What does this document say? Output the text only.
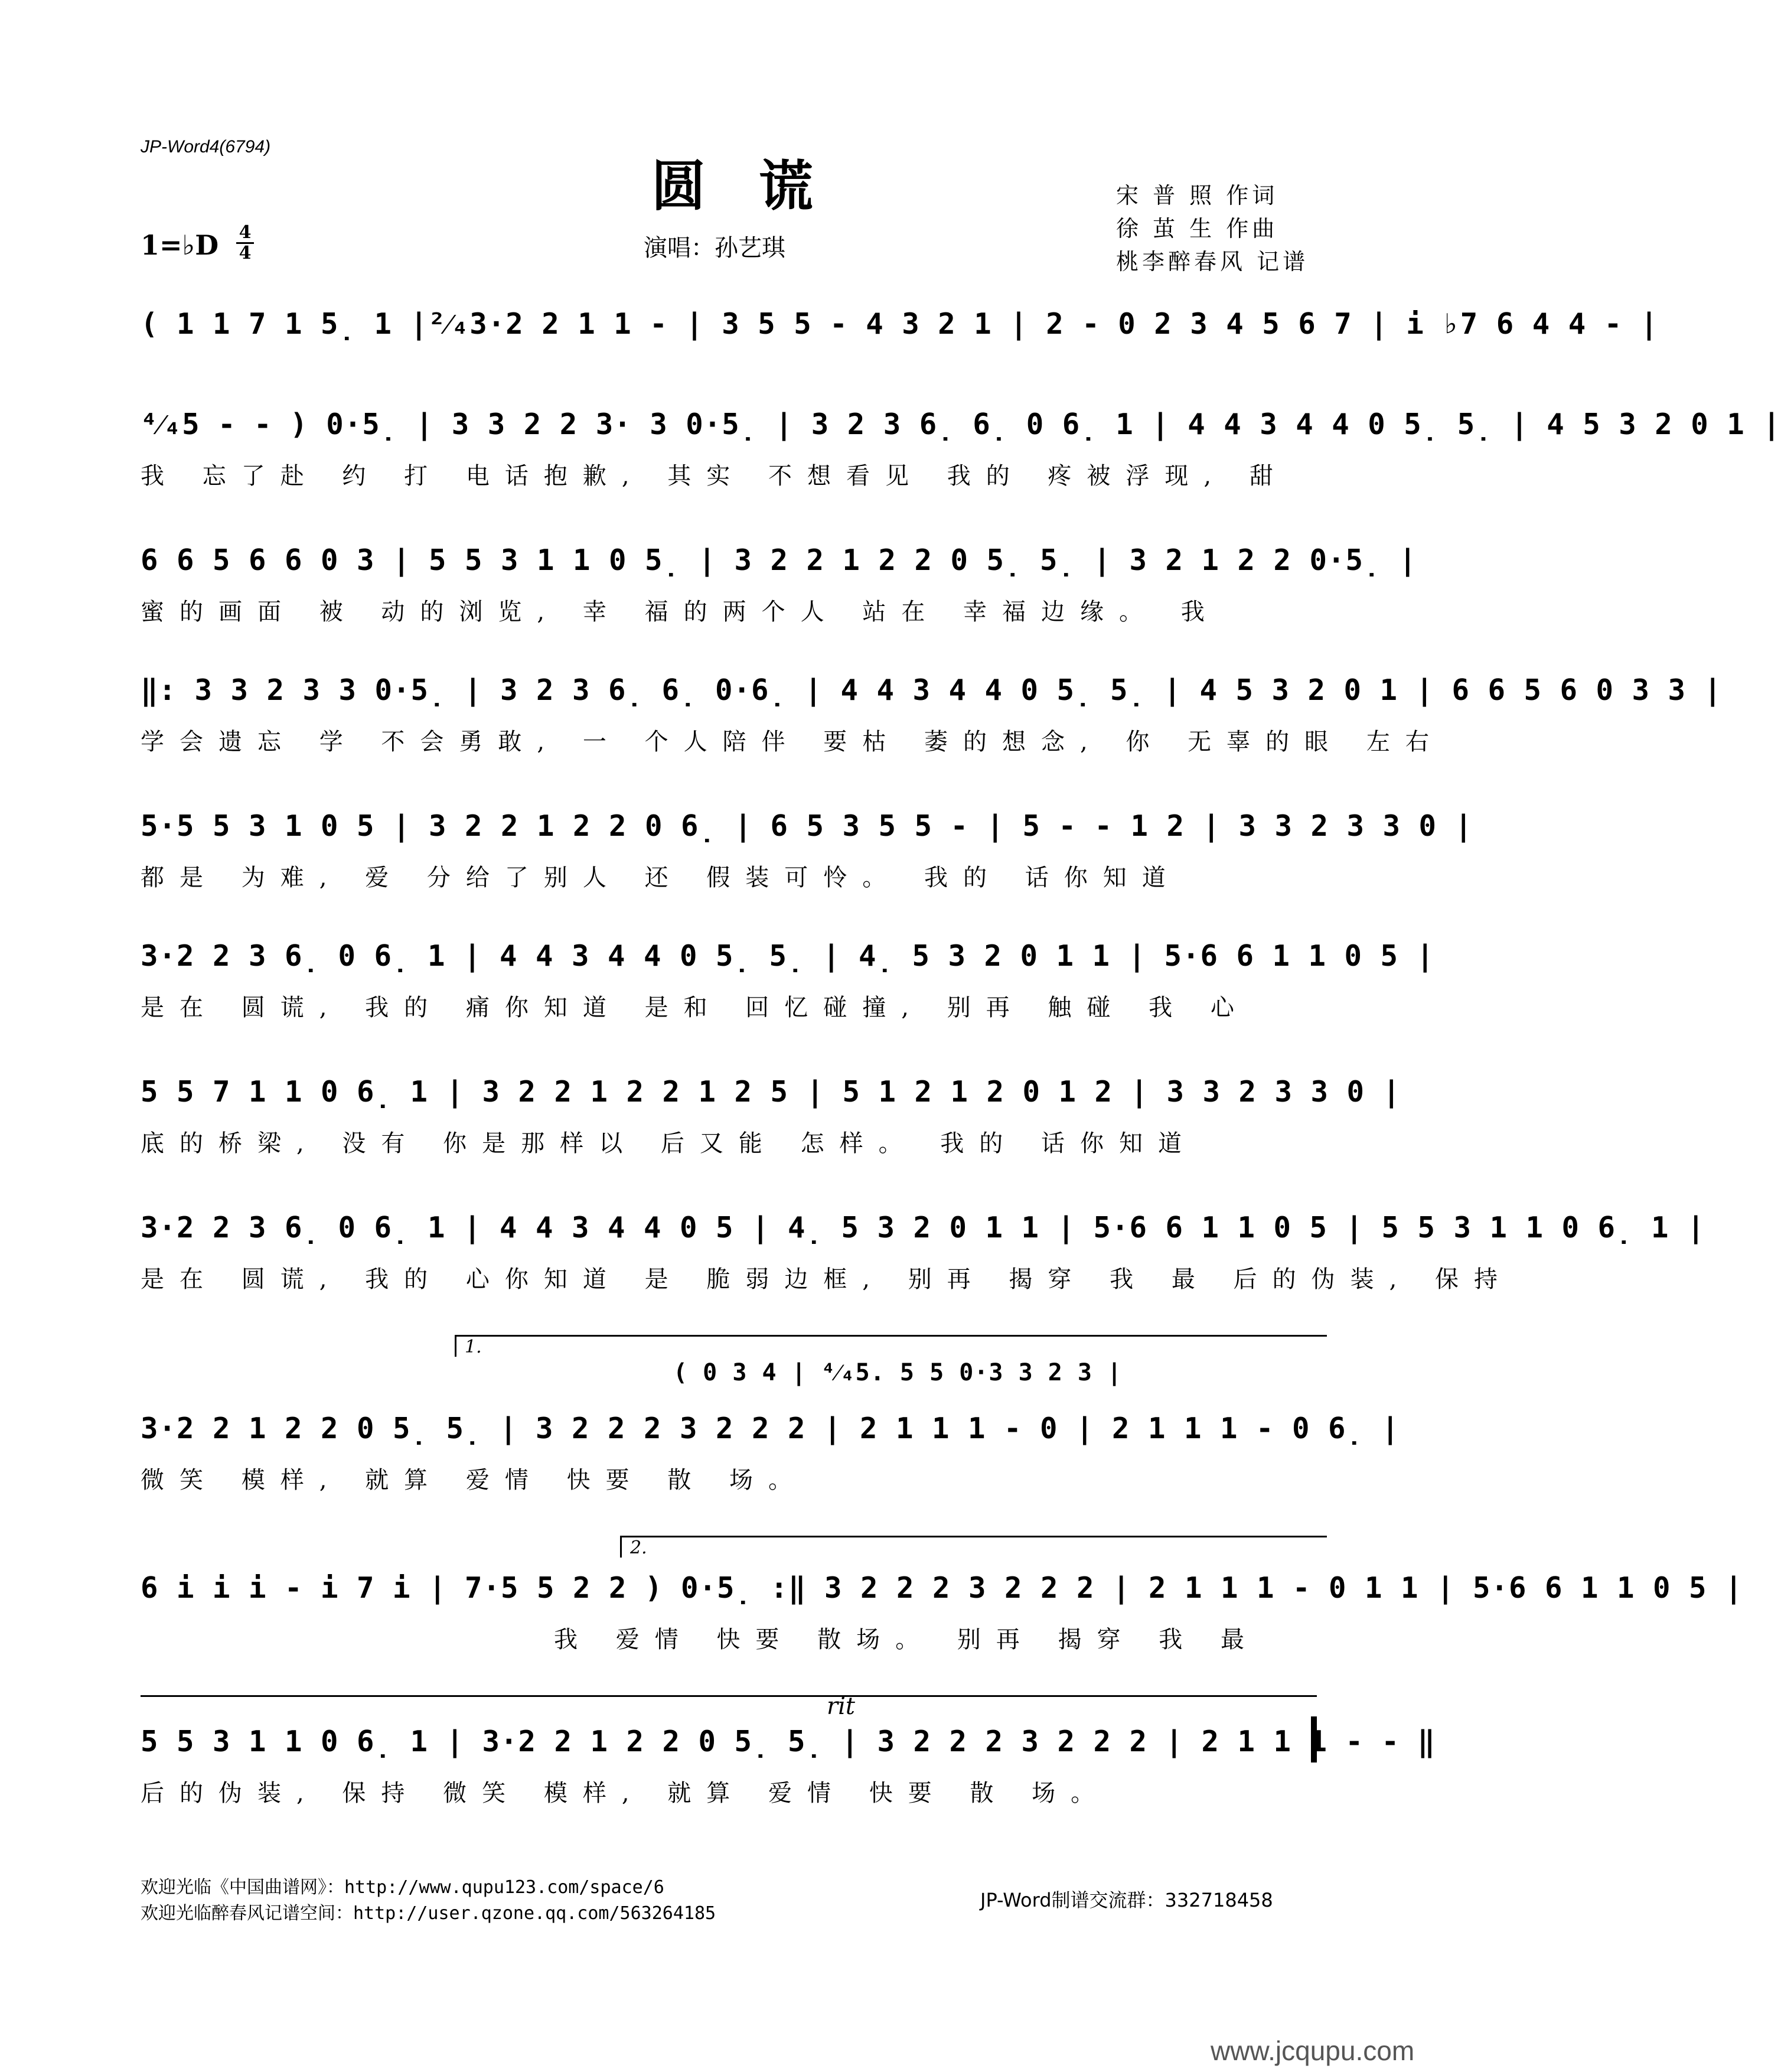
JP-Word4(6794)
圆谎
1=♭D 4
4	演唱：孙艺琪
宋 普 照 作词
徐 茧 生 作曲
桃李醉春风 记谱
( 1 1 7 1 5̣ 1 |²⁄₄3·2 2 1 1 - | 3 5 5 - 4 3 2 1 | 2 - 0 2 3 4 5 6 7 | i ♭7 6 4 4 - |
⁴⁄₄5 - - ) 0·5̣ | 3 3 2 2 3· 3 0·5̣ | 3 2 3 6̣ 6̣ 0 6̣ 1 | 4 4 3 4 4 0 5̣ 5̣ | 4 5 3 2 0 1 |
我 忘了赴 约 打 电话抱歉, 其实 不想看见 我的 疼被浮现, 甜
6 6 5 6 6 0 3 | 5 5 3 1 1 0 5̣ | 3 2 2 1 2 2 0 5̣ 5̣ | 3 2 1 2 2 0·5̣ |
蜜的画面 被 动的浏览, 幸 福的两个人 站在 幸福边缘。 我
‖: 3 3 2 3 3 0·5̣ | 3 2 3 6̣ 6̣ 0·6̣ | 4 4 3 4 4 0 5̣ 5̣ | 4 5 3 2 0 1 | 6 6 5 6 0 3 3 |
学会遗忘 学 不会勇敢, 一 个人陪伴 要枯 萎的想念, 你 无辜的眼 左右
5·5 5 3 1 0 5 | 3 2 2 1 2 2 0 6̣ | 6 5 3 5 5 - | 5 - - 1 2 | 3 3 2 3 3 0 |
都是 为难, 爱 分给了别人 还 假装可怜。 我的 话你知道
3·2 2 3 6̣ 0 6̣ 1 | 4 4 3 4 4 0 5̣ 5̣ | 4̣ 5 3 2 0 1 1 | 5·6 6 1 1 0 5 |
是在 圆谎, 我的 痛你知道 是和 回忆碰撞, 别再 触碰 我 心
5 5 7 1 1 0 6̣ 1 | 3 2 2 1 2 2 1 2 5 | 5 1 2 1 2 0 1 2 | 3 3 2 3 3 0 |
底的桥梁, 没有 你是那样以 后又能 怎样。 我的 话你知道
3·2 2 3 6̣ 0 6̣ 1 | 4 4 3 4 4 0 5 | 4̣ 5 3 2 0 1 1 | 5·6 6 1 1 0 5 | 5 5 3 1 1 0 6̣ 1 |
是在 圆谎, 我的 心你知道 是 脆弱边框, 别再 揭穿 我 最 后的伪装, 保持
1.
( 0 3 4 | ⁴⁄₄5. 5 5 0·3 3 2 3 |
3·2 2 1 2 2 0 5̣ 5̣ | 3 2 2 2 3 2 2 2 | 2 1 1 1 - 0 | 2 1 1 1 - 0 6̣ |
微笑 模样, 就算 爱情 快要 散 场。
2.
6 i i i - i 7 i | 7·5 5 2 2 ) 0·5̣ :‖ 3 2 2 2 3 2 2 2 | 2 1 1 1 - 0 1 1 | 5·6 6 1 1 0 5 |
我 爱情 快要 散场。 别再 揭穿 我 最
rit
5 5 3 1 1 0 6̣ 1 | 3·2 2 1 2 2 0 5̣ 5̣ | 3 2 2 2 3 2 2 2 | 2 1 1 1 - - ‖
后的伪装, 保持 微笑 模样, 就算 爱情 快要 散 场。
欢迎光临《中国曲谱网》：http://www.qupu123.com/space/6
欢迎光临醉春风记谱空间：http://user.qzone.qq.com/563264185
JP-Word制谱交流群：332718458
www.jcqupu.com
